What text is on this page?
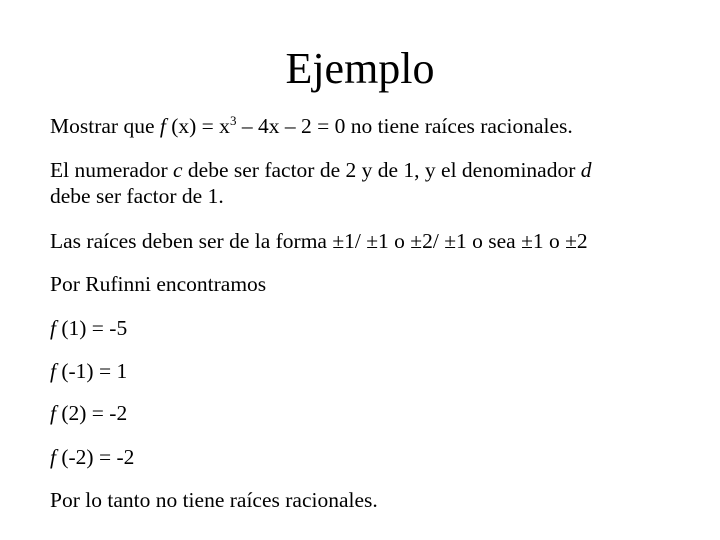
Ejemplo
Mostrar que f $(x) = x^3 - 4x - 2 = 0$ no tiene raíces racionales.
El numerador c debe ser factor de 2 y de 1, y el denominador d
debe ser factor de 1.
Las raíces deben ser de la forma ±1/ ±1 o ±2/ ±1 o sea ±1 o ±2
Por Rufinni encontramos
f (1) = -5
f (-1) = 1
f (2) = -2
f (-2) = -2
Por lo tanto no tiene raíces racionales.
